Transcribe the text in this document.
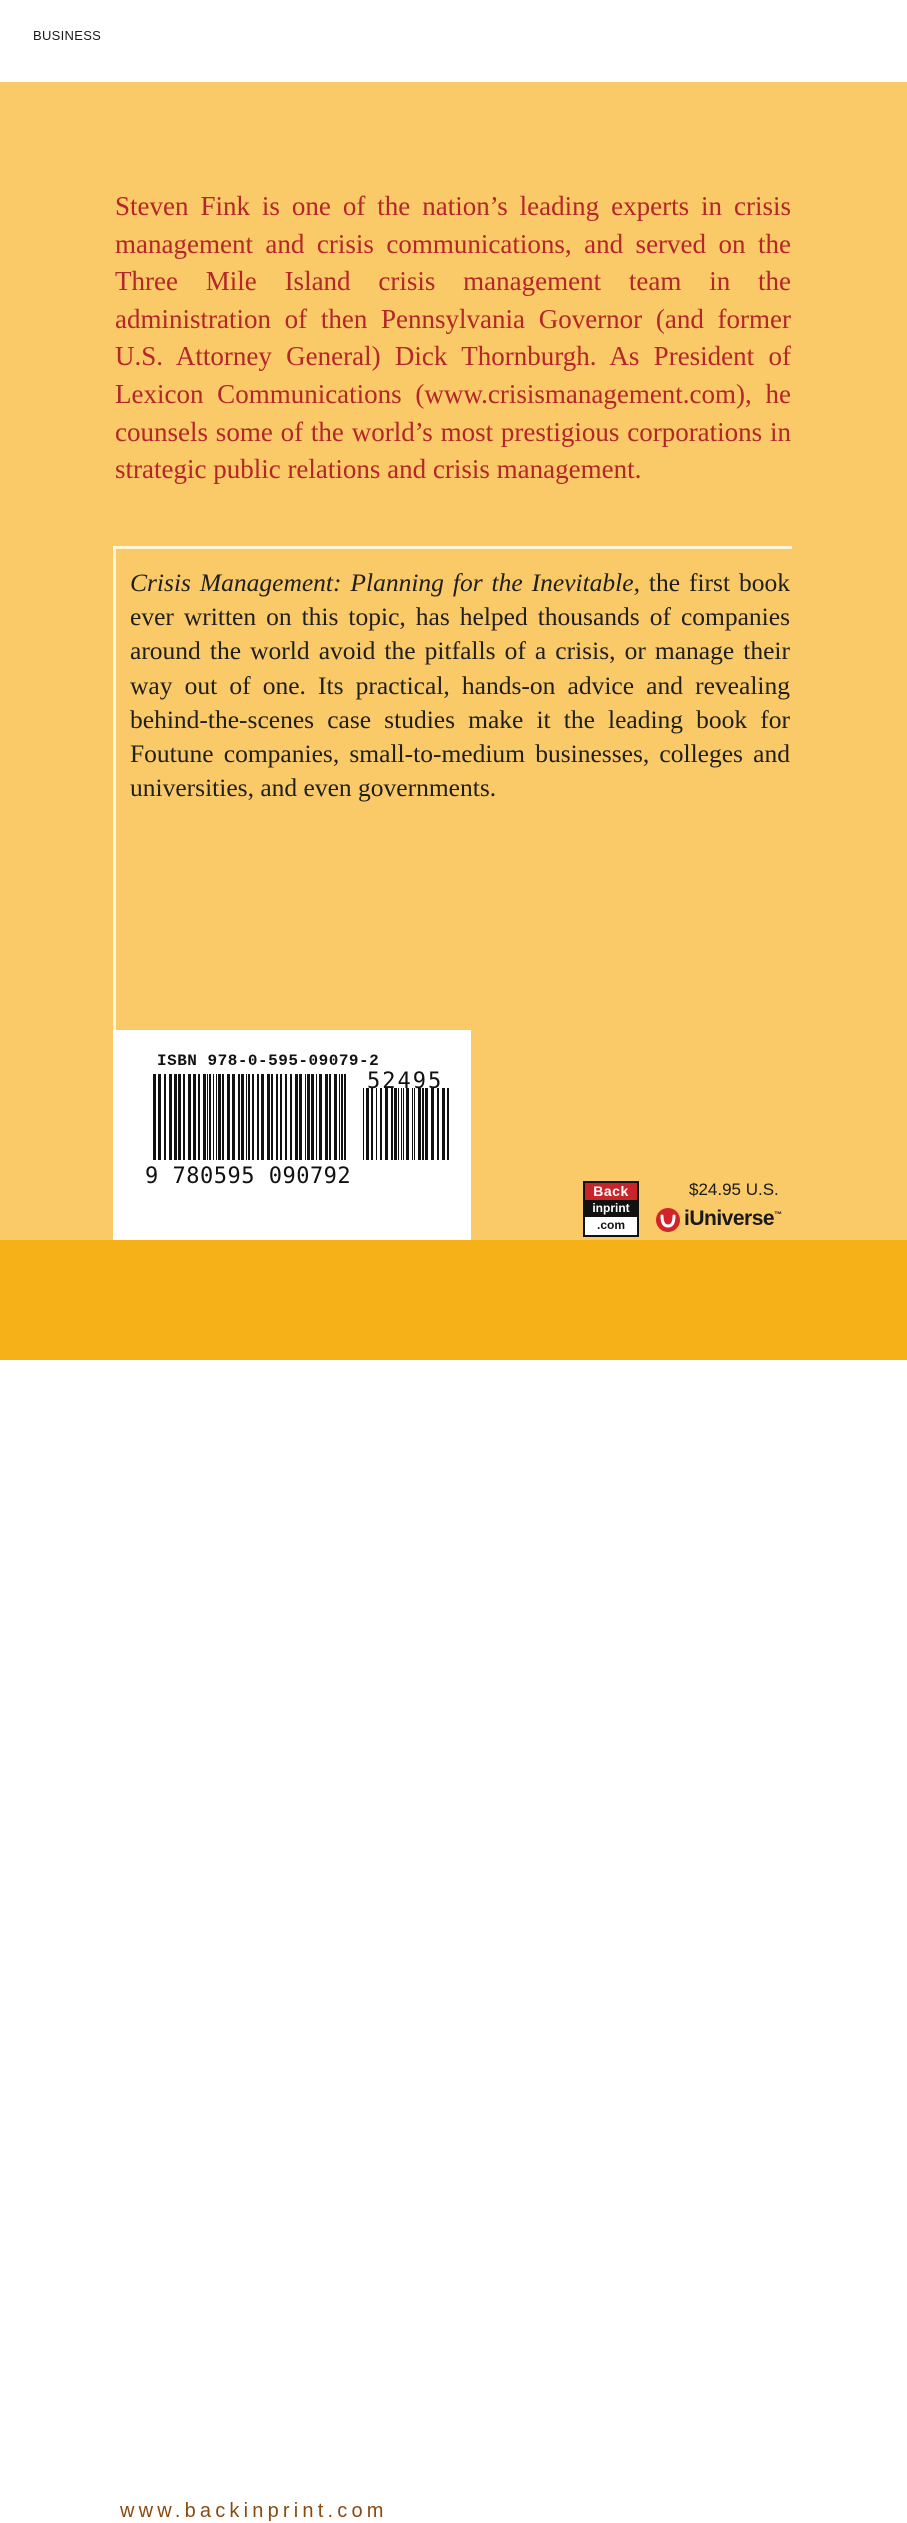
BUSINESS

Steven Fink is one of the nation’s leading experts in crisis management and crisis communications, and served on the Three Mile Island crisis management team in the administration of then Pennsylvania Governor (and former U.S. Attorney General) Dick Thornburgh. As President of Lexicon Communications (www.crisismanagement.com), he counsels some of the world’s most prestigious corporations in strategic public relations and crisis management.

Crisis Management: Planning for the Inevitable, the first book ever written on this topic, has helped thousands of companies around the world avoid the pitfalls of a crisis, or manage their way out of one. Its practical, hands-on advice and revealing behind-the-scenes case studies make it the leading book for Foutune companies, small-to-medium businesses, colleges and universities, and even governments.

ISBN 978-0-595-09079-2
52495
9 780595 090792
Back
inprint
.com
$24.95 U.S.
iUniverse™
www.backinprint.com
